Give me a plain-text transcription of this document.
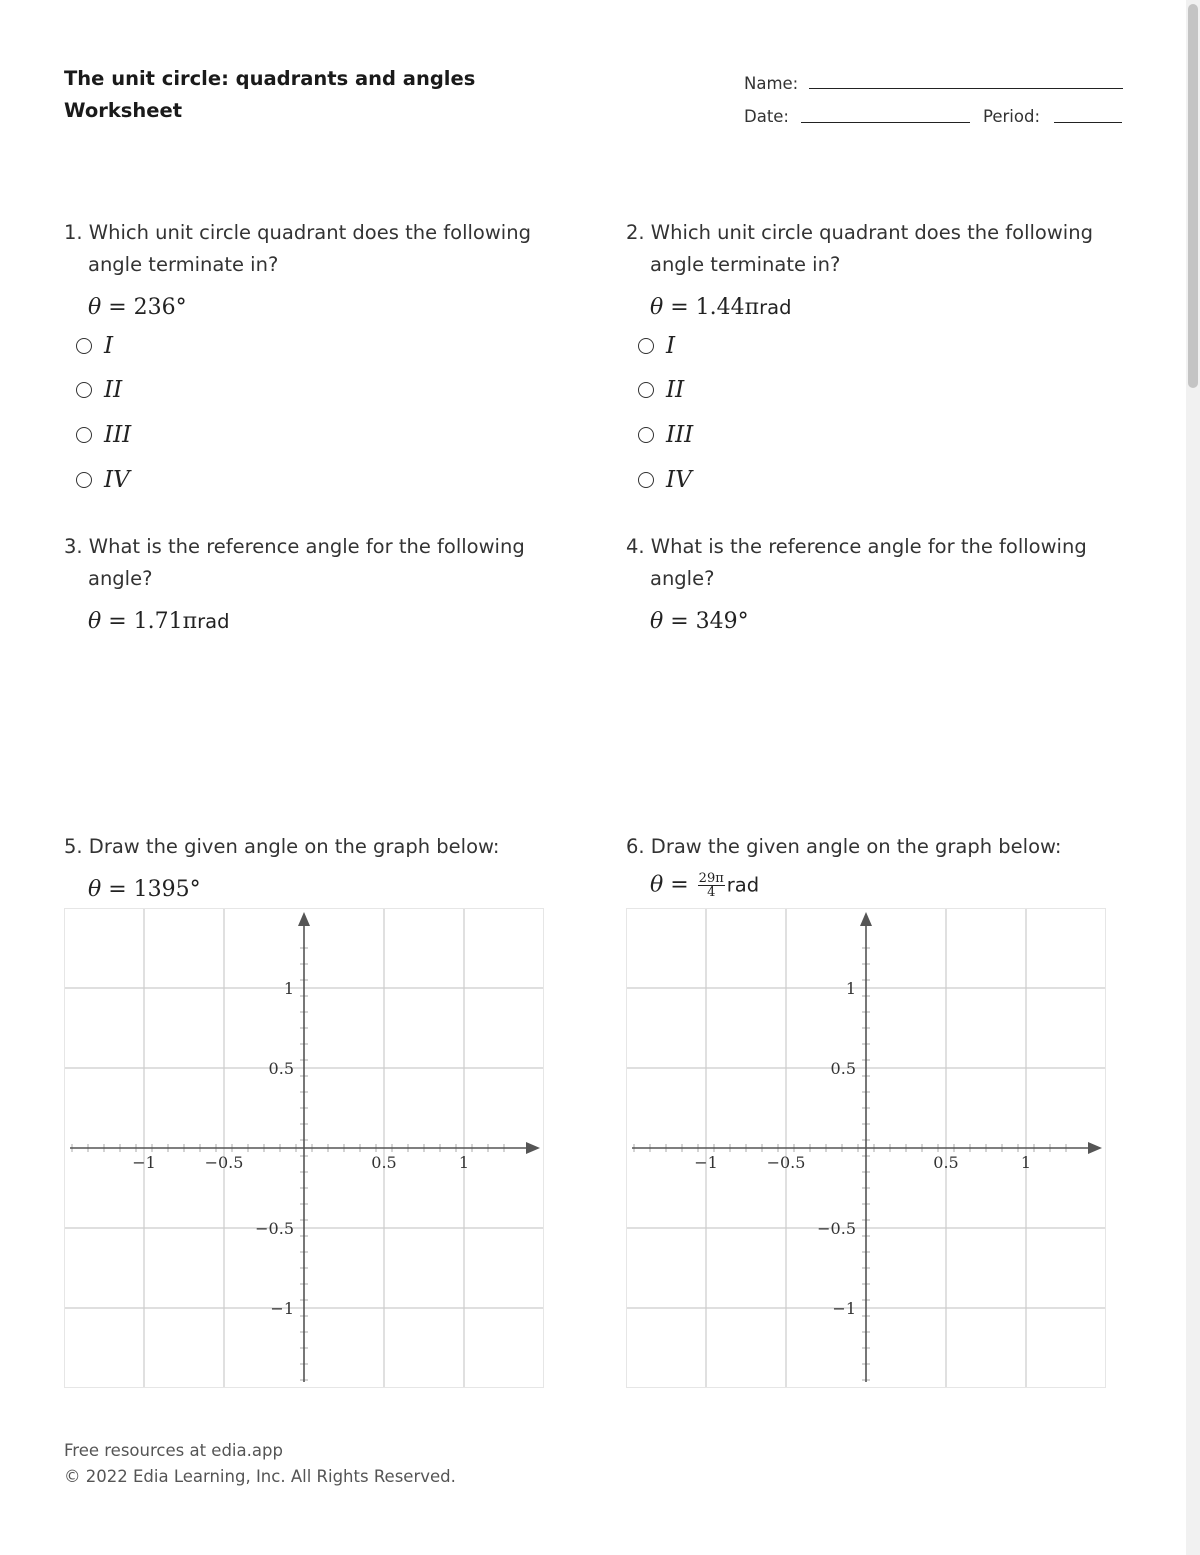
The unit circle: quadrants and angles
Worksheet
Name:
Date:	Period:
1. Which unit circle quadrant does the following angle terminate in?
θ = 236°
I
II
III
IV
2. Which unit circle quadrant does the following angle terminate in?
θ = 1.44πrad
I
II
III
IV
3. What is the reference angle for the following angle?
θ = 1.71πrad
4. What is the reference angle for the following angle?
θ = 349°
5. Draw the given angle on the graph below:
θ = 1395°
−1	−0.5	0.5	1
1
0.5
−0.5
−1
6. Draw the given angle on the graph below:
$\theta = \frac{29\pi}{4}$ rad
−1	−0.5	0.5	1
1
0.5
−0.5
−1
Free resources at edia.app
© 2022 Edia Learning, Inc. All Rights Reserved.
